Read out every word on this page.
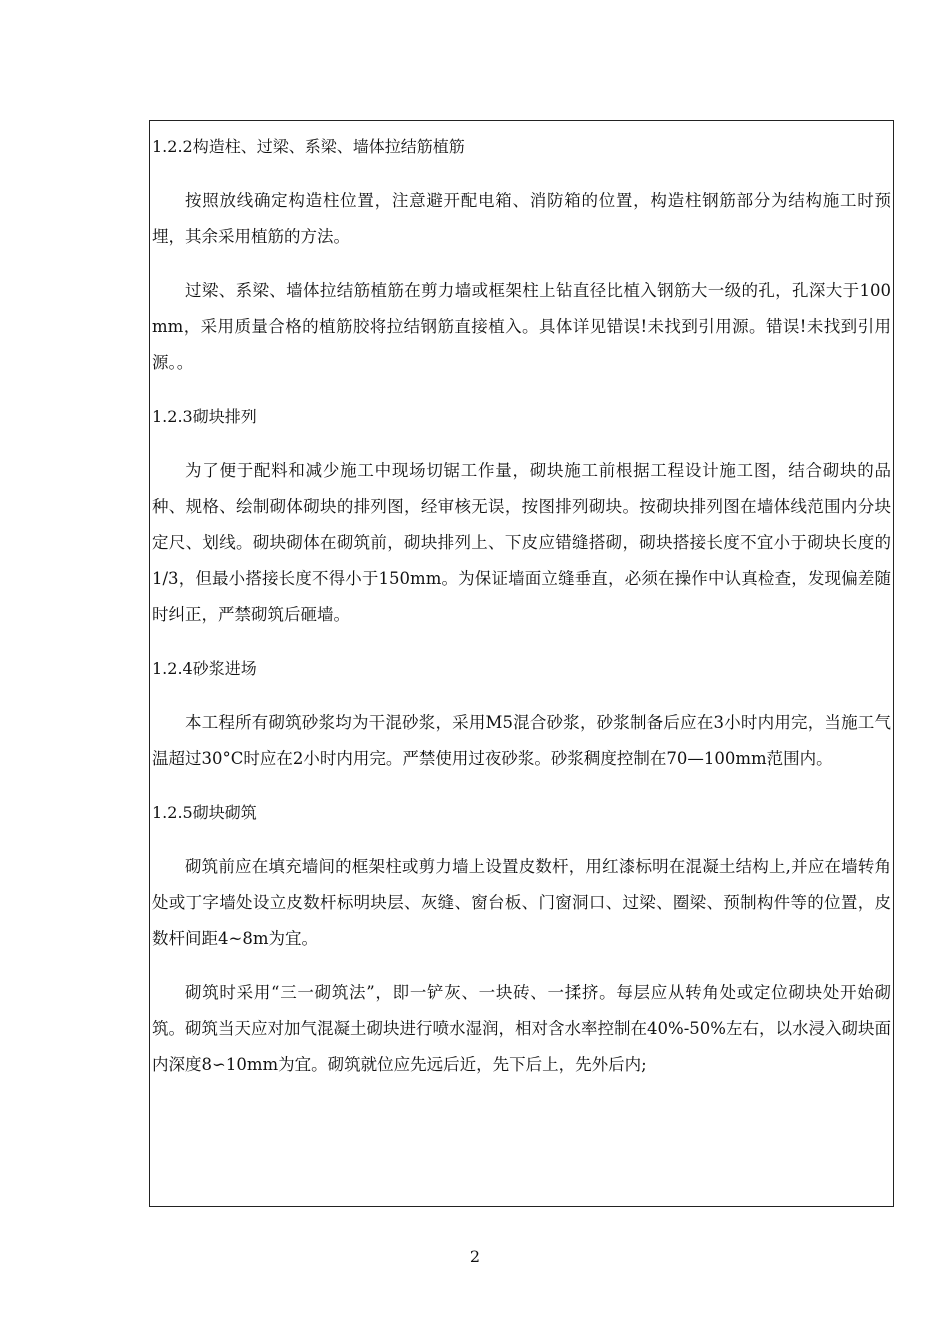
1.2.2构造柱、过梁、系梁、墙体拉结筋植筋
按照放线确定构造柱位置，注意避开配电箱、消防箱的位置，构造柱钢筋部分为结构施工时预埋，其余采用植筋的方法。
过梁、系梁、墙体拉结筋植筋在剪力墙或框架柱上钻直径比植入钢筋大一级的孔，孔深大于100mm，采用质量合格的植筋胶将拉结钢筋直接植入。具体详见错误!未找到引用源。错误!未找到引用源。。
1.2.3砌块排列
为了便于配料和减少施工中现场切锯工作量，砌块施工前根据工程设计施工图，结合砌块的品种、规格、绘制砌体砌块的排列图，经审核无误，按图排列砌块。按砌块排列图在墙体线范围内分块定尺、划线。砌块砌体在砌筑前，砌块排列上、下皮应错缝搭砌，砌块搭接长度不宜小于砌块长度的1/3，但最小搭接长度不得小于150mm。为保证墙面立缝垂直，必须在操作中认真检查，发现偏差随时纠正，严禁砌筑后砸墙。
1.2.4砂浆进场
本工程所有砌筑砂浆均为干混砂浆，采用M5混合砂浆，砂浆制备后应在3小时内用完，当施工气温超过30°C时应在2小时内用完。严禁使用过夜砂浆。砂浆稠度控制在70—100mm范围内。
1.2.5砌块砌筑
砌筑前应在填充墙间的框架柱或剪力墙上设置皮数杆，用红漆标明在混凝土结构上,并应在墙转角处或丁字墙处设立皮数杆标明块层、灰缝、窗台板、门窗洞口、过梁、圈梁、预制构件等的位置，皮数杆间距4~8m为宜。
砌筑时采用“三一砌筑法”，即一铲灰、一块砖、一揉挤。每层应从转角处或定位砌块处开始砌筑。砌筑当天应对加气混凝土砌块进行喷水湿润，相对含水率控制在40%-50%左右，以水浸入砌块面内深度8∽10mm为宜。砌筑就位应先远后近，先下后上，先外后内;
2
